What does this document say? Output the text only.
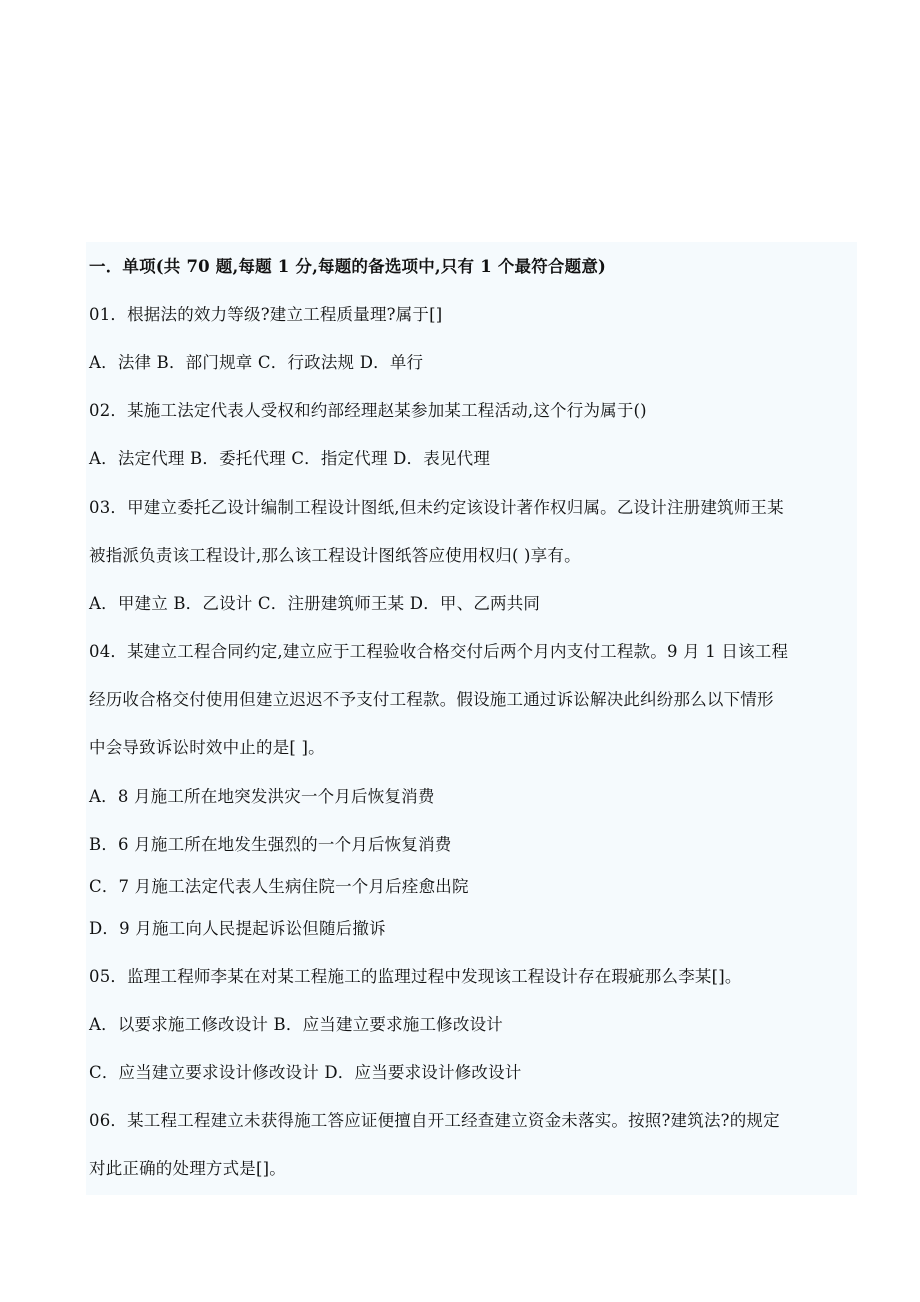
一．单项(共 70 题,每题 1 分,每题的备选项中,只有 1 个最符合题意)
01．根据法的效力等级?建立工程质量理?属于[]
A．法律 B．部门规章 C．行政法规 D．单行
02．某施工法定代表人受权和约部经理赵某参加某工程活动,这个行为属于()
A．法定代理 B．委托代理 C．指定代理 D．表见代理
03．甲建立委托乙设计编制工程设计图纸,但未约定该设计著作权归属。乙设计注册建筑师王某
被指派负责该工程设计,那么该工程设计图纸答应使用权归( )享有。
A．甲建立 B．乙设计 C．注册建筑师王某 D．甲、乙两共同
04．某建立工程合同约定,建立应于工程验收合格交付后两个月内支付工程款。9 月 1 日该工程
经历收合格交付使用但建立迟迟不予支付工程款。假设施工通过诉讼解决此纠纷那么以下情形
中会导致诉讼时效中止的是[ ]。
A．8 月施工所在地突发洪灾一个月后恢复消费
B．6 月施工所在地发生强烈的一个月后恢复消费
C．7 月施工法定代表人生病住院一个月后痊愈出院
D．9 月施工向人民提起诉讼但随后撤诉
05．监理工程师李某在对某工程施工的监理过程中发现该工程设计存在瑕疵那么李某[]。
A．以要求施工修改设计 B．应当建立要求施工修改设计
C．应当建立要求设计修改设计 D．应当要求设计修改设计
06．某工程工程建立未获得施工答应证便擅自开工经查建立资金未落实。按照?建筑法?的规定
对此正确的处理方式是[]。
